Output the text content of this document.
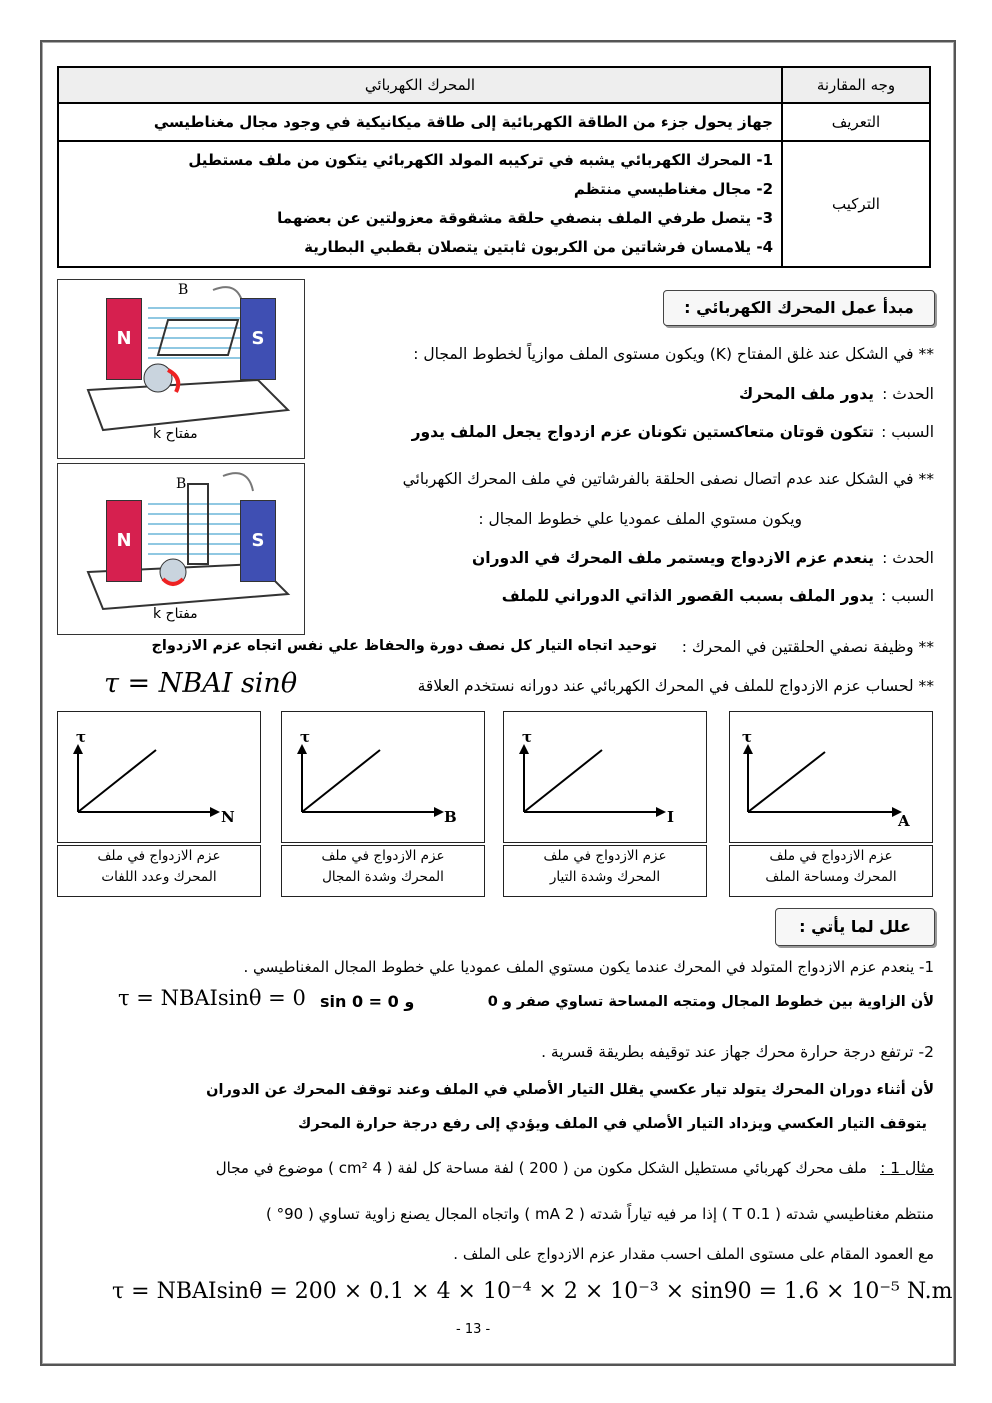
وجه المقارنة	المحرك الكهربائي
التعريف	جهاز يحول جزء من الطاقة الكهربائية إلى طاقة ميكانيكية في وجود مجال مغناطيسي
التركيب	1- المحرك الكهربائي يشبه في تركيبه المولد الكهربائي يتكون من ملف مستطيل
2- مجال مغناطيسي منتظم
3- يتصل طرفي الملف بنصفي حلقة مشقوقة معزولتين عن بعضهما
4- يلامسان فرشاتين من الكربون ثابتين يتصلان بقطبي البطارية
N	S
B
مفتاح k
N	S
B
مفتاح k
مبدأ عمل المحرك الكهربائي :
** في الشكل عند غلق المفتاح (K) ويكون مستوى الملف موازياً لخطوط المجال :
الحدث :
يدور ملف المحرك
السبب :
تتكون قوتان متعاكستين تكونان عزم ازدواج يجعل الملف يدور
** في الشكل عند عدم اتصال نصفى الحلقة بالفرشاتين في ملف المحرك الكهربائي
ويكون مستوي الملف عموديا علي خطوط المجال :
الحدث :
ينعدم عزم الازدواج ويستمر ملف المحرك في الدوران
السبب :
يدور الملف بسبب القصور الذاتي الدوراني للملف
** وظيفة نصفي الحلقتين في المحرك :
توحيد اتجاه التيار كل نصف دورة والحفاظ علي نفس اتجاه عزم الازدواج
** لحساب عزم الازدواج للملف في المحرك الكهربائي عند دورانه نستخدم العلاقة
τ = NBAI sinθ
τ
A
عزم الازدواج في ملف
المحرك ومساحة الملف
τ
I
عزم الازدواج في ملف
المحرك وشدة التيار
τ
B
عزم الازدواج في ملف
المحرك وشدة المجال
τ
N
عزم الازدواج في ملف
المحرك وعدد اللفات
علل لما يأتي :
1- ينعدم عزم الازدواج المتولد في المحرك عندما يكون مستوي الملف عموديا علي خطوط المجال المغناطيسي .
τ = NBAIsinθ = 0 و sin 0 = 0	لأن الزاوية بين خطوط المجال ومتجه المساحة تساوي صفر و 0
2- ترتفع درجة حرارة محرك جهاز عند توقيفه بطريقة قسرية .
لأن أثناء دوران المحرك يتولد تيار عكسي يقلل التيار الأصلي في الملف وعند توقف المحرك عن الدوران
يتوقف التيار العكسي ويزداد التيار الأصلي في الملف ويؤدي إلى رفع درجة حرارة المحرك
مثال 1 :
ملف محرك كهربائي مستطيل الشكل مكون من ( 200 ) لفة مساحة كل لفة ( 4 cm² ) موضوع في مجال
منتظم مغناطيسي شدته ( 0.1 T ) إذا مر فيه تياراً شدته ( 2 mA ) واتجاه المجال يصنع زاوية تساوي ( 90° )
مع العمود المقام على مستوى الملف احسب مقدار عزم الازدواج على الملف .
τ = NBAIsinθ = 200 × 0.1 × 4 × 10⁻⁴ × 2 × 10⁻³ × sin90 = 1.6 × 10⁻⁵ N.m
- 13 -
